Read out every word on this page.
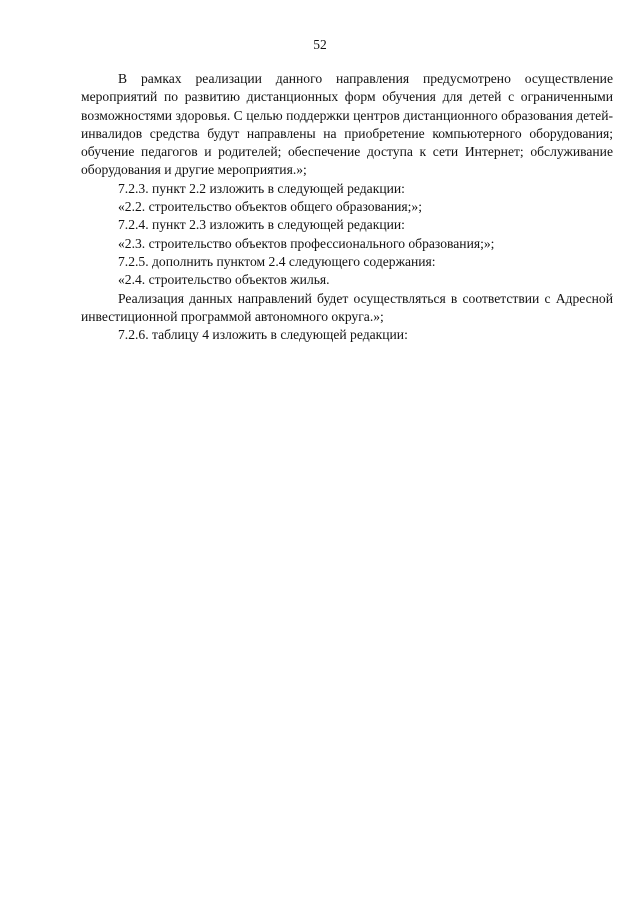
52

В рамках реализации данного направления предусмотрено осуществление мероприятий по развитию дистанционных форм обучения для детей с ограниченными возможностями здоровья. С целью поддержки центров дистанционного образования детей-инвалидов средства будут направлены на приобретение компьютерного оборудования; обучение педагогов и родителей; обеспечение доступа к сети Интернет; обслуживание оборудования и другие мероприятия.»;

7.2.3. пункт 2.2 изложить в следующей редакции:

«2.2. строительство объектов общего образования;»;

7.2.4. пункт 2.3 изложить в следующей редакции:

«2.3. строительство объектов профессионального образования;»;

7.2.5. дополнить пунктом 2.4 следующего содержания:

«2.4. строительство объектов жилья.

Реализация данных направлений будет осуществляться в соответствии с Адресной инвестиционной программой автономного округа.»;

7.2.6. таблицу 4 изложить в следующей редакции:
